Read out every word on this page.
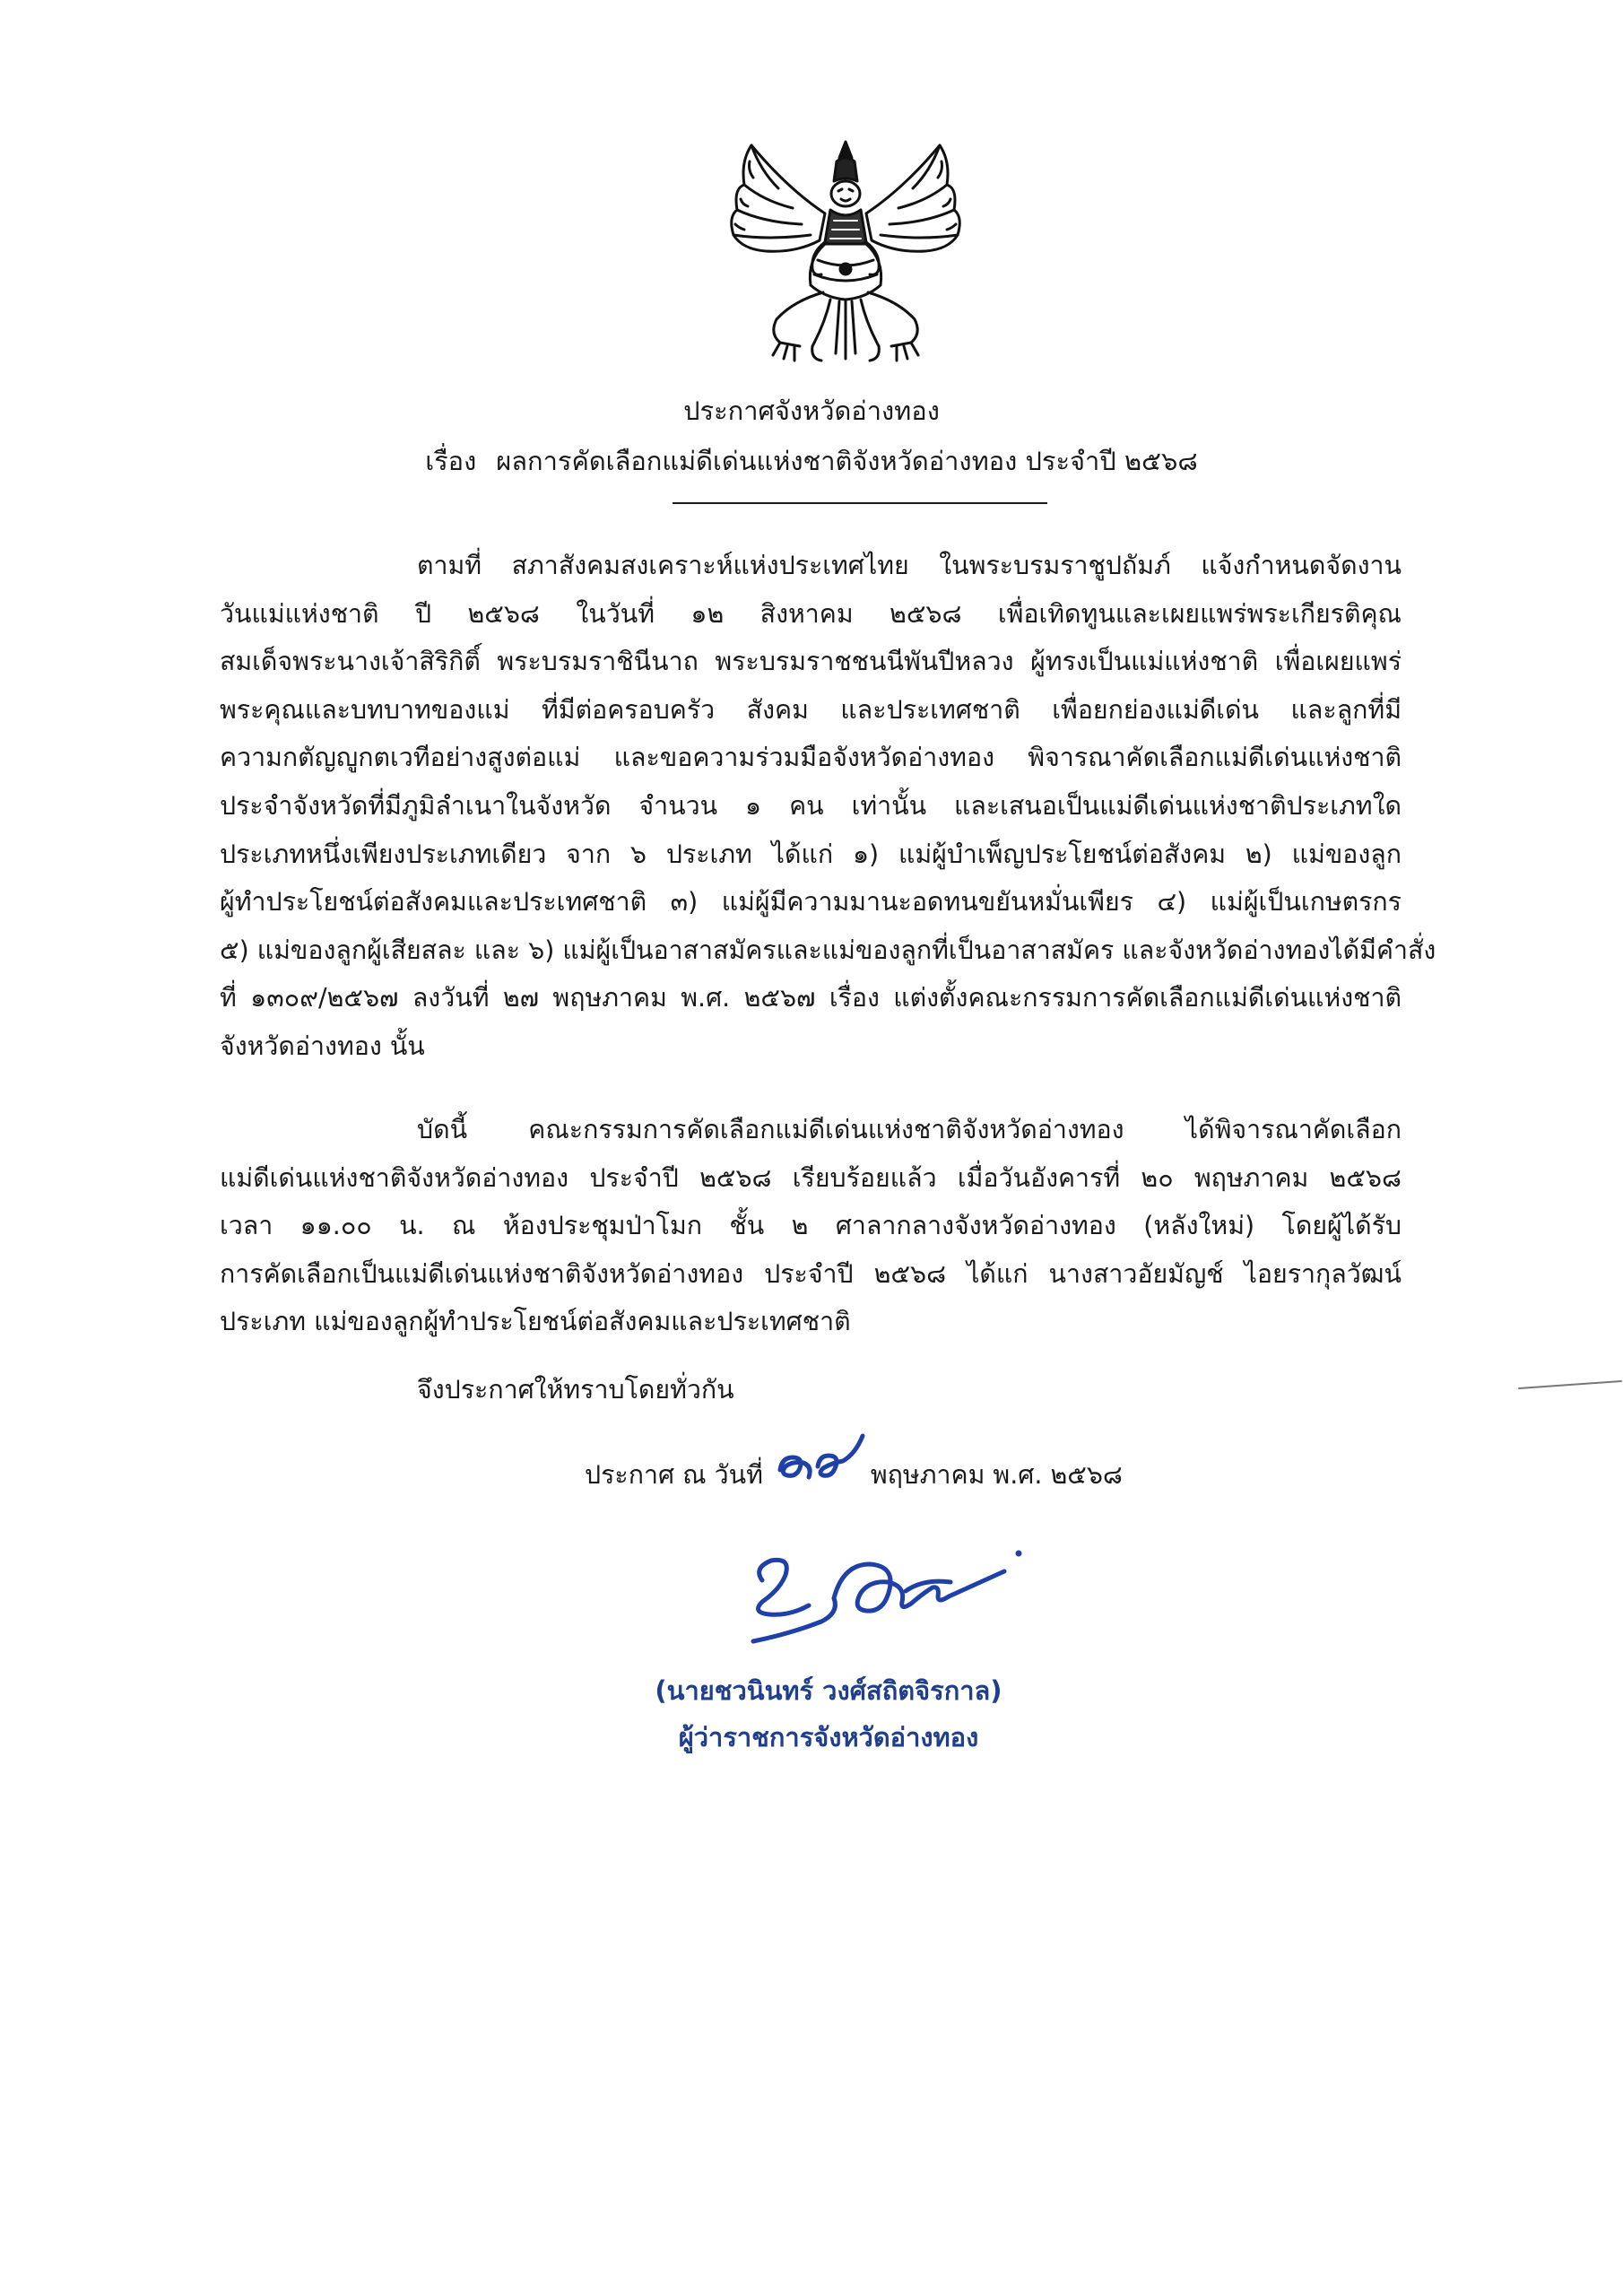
ประกาศจังหวัดอ่างทอง
เรื่อง ผลการคัดเลือกแม่ดีเด่นแห่งชาติจังหวัดอ่างทอง ประจำปี ๒๕๖๘
ตามที่ สภาสังคมสงเคราะห์แห่งประเทศไทย ในพระบรมราชูปถัมภ์ แจ้งกำหนดจัดงาน
วันแม่แห่งชาติ ปี ๒๕๖๘ ในวันที่ ๑๒ สิงหาคม ๒๕๖๘ เพื่อเทิดทูนและเผยแพร่พระเกียรติคุณ
สมเด็จพระนางเจ้าสิริกิติ์ พระบรมราชินีนาถ พระบรมราชชนนีพันปีหลวง ผู้ทรงเป็นแม่แห่งชาติ เพื่อเผยแพร่
พระคุณและบทบาทของแม่ ที่มีต่อครอบครัว สังคม และประเทศชาติ เพื่อยกย่องแม่ดีเด่น และลูกที่มี
ความกตัญญูกตเวทีอย่างสูงต่อแม่ และขอความร่วมมือจังหวัดอ่างทอง พิจารณาคัดเลือกแม่ดีเด่นแห่งชาติ
ประจำจังหวัดที่มีภูมิลำเนาในจังหวัด จำนวน ๑ คน เท่านั้น และเสนอเป็นแม่ดีเด่นแห่งชาติประเภทใด
ประเภทหนึ่งเพียงประเภทเดียว จาก ๖ ประเภท ได้แก่ ๑) แม่ผู้บำเพ็ญประโยชน์ต่อสังคม ๒) แม่ของลูก
ผู้ทำประโยชน์ต่อสังคมและประเทศชาติ ๓) แม่ผู้มีความมานะอดทนขยันหมั่นเพียร ๔) แม่ผู้เป็นเกษตรกร
๕) แม่ของลูกผู้เสียสละ และ ๖) แม่ผู้เป็นอาสาสมัครและแม่ของลูกที่เป็นอาสาสมัคร และจังหวัดอ่างทองได้มีคำสั่ง
ที่ ๑๓๐๙/๒๕๖๗ ลงวันที่ ๒๗ พฤษภาคม พ.ศ. ๒๕๖๗ เรื่อง แต่งตั้งคณะกรรมการคัดเลือกแม่ดีเด่นแห่งชาติ
จังหวัดอ่างทอง นั้น
บัดนี้ คณะกรรมการคัดเลือกแม่ดีเด่นแห่งชาติจังหวัดอ่างทอง ได้พิจารณาคัดเลือก
แม่ดีเด่นแห่งชาติจังหวัดอ่างทอง ประจำปี ๒๕๖๘ เรียบร้อยแล้ว เมื่อวันอังคารที่ ๒๐ พฤษภาคม ๒๕๖๘
เวลา ๑๑.๐๐ น. ณ ห้องประชุมป่าโมก ชั้น ๒ ศาลากลางจังหวัดอ่างทอง (หลังใหม่) โดยผู้ได้รับ
การคัดเลือกเป็นแม่ดีเด่นแห่งชาติจังหวัดอ่างทอง ประจำปี ๒๕๖๘ ได้แก่ นางสาวอัยมัญช์ ไอยรากุลวัฒน์
ประเภท แม่ของลูกผู้ทำประโยชน์ต่อสังคมและประเทศชาติ
จึงประกาศให้ทราบโดยทั่วกัน
ประกาศ ณ วันที่	พฤษภาคม พ.ศ. ๒๕๖๘
(นายชวนินทร์ วงศ์สถิตจิรกาล)
ผู้ว่าราชการจังหวัดอ่างทอง
